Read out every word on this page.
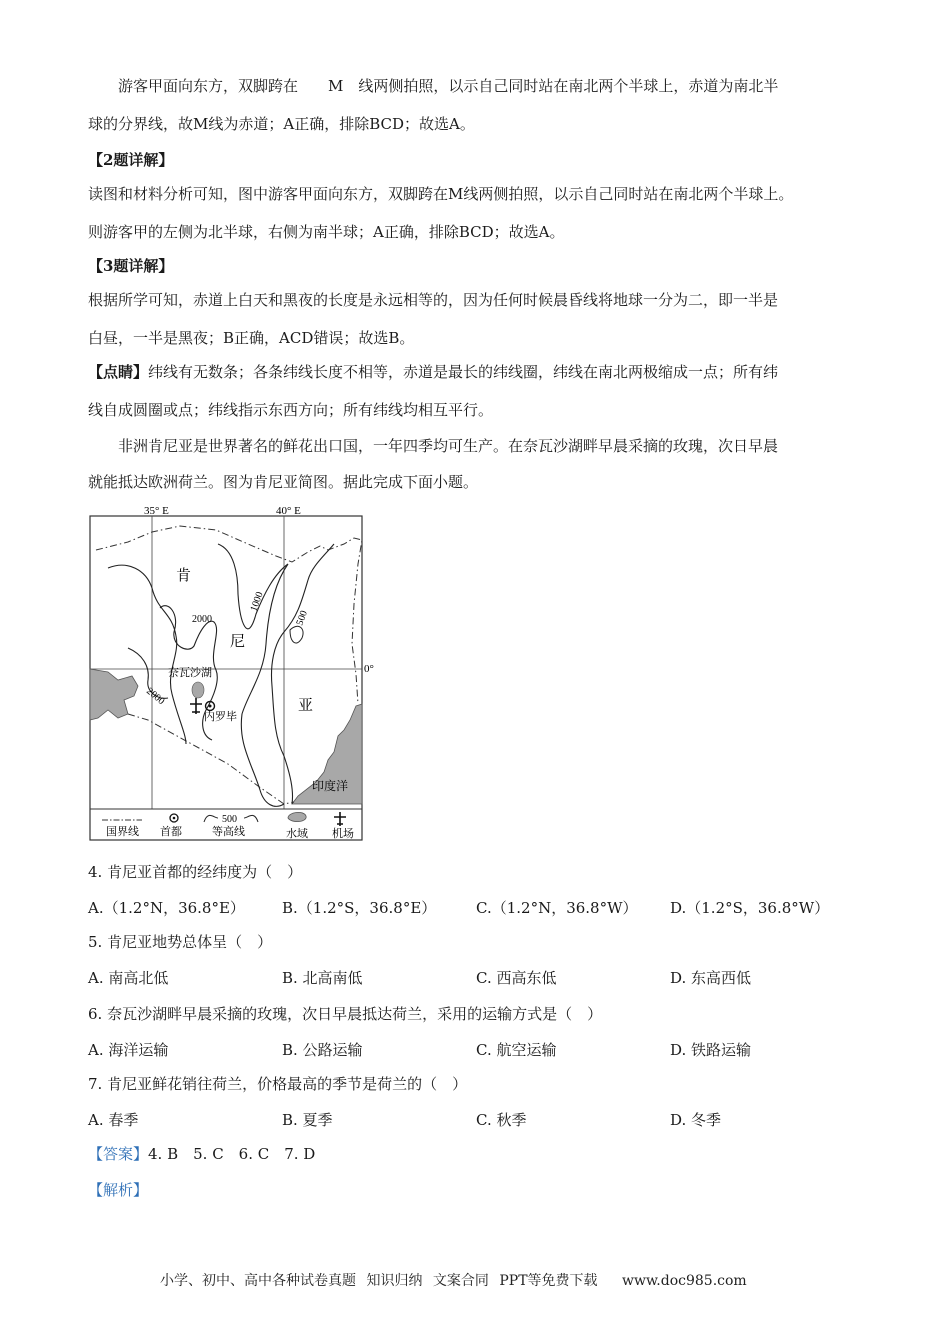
游客甲面向东方，双脚跨在　　M　线两侧拍照，以示自己同时站在南北两个半球上，赤道为南北半
球的分界线，故M线为赤道；A正确，排除BCD；故选A。
【2题详解】
读图和材料分析可知，图中游客甲面向东方，双脚跨在M线两侧拍照，以示自己同时站在南北两个半球上。
则游客甲的左侧为北半球，右侧为南半球；A正确，排除BCD；故选A。
【3题详解】
根据所学可知，赤道上白天和黑夜的长度是永远相等的，因为任何时候晨昏线将地球一分为二，即一半是
白昼，一半是黑夜；B正确，ACD错误；故选B。
【点睛】纬线有无数条；各条纬线长度不相等，赤道是最长的纬线圈，纬线在南北两极缩成一点；所有纬
线自成圆圈或点；纬线指示东西方向；所有纬线均相互平行。
非洲肯尼亚是世界著名的鲜花出口国，一年四季均可生产。在奈瓦沙湖畔早晨采摘的玫瑰，次日早晨
就能抵达欧洲荷兰。图为肯尼亚简图。据此完成下面小题。
35° E	40° E
0°
2000
1000
500
2000
肯
尼
亚
奈瓦沙湖
内罗毕
印度洋
国界线 首都
500
等高线	水域 机场
4. 肯尼亚首都的经纬度为（　）
A.（1.2°N，36.8°E） B.（1.2°S，36.8°E）	C.（1.2°N，36.8°W） D.（1.2°S，36.8°W）
5. 肯尼亚地势总体呈（　）
A. 南高北低	B. 北高南低	C. 西高东低	D. 东高西低
6. 奈瓦沙湖畔早晨采摘的玫瑰，次日早晨抵达荷兰，采用的运输方式是（　）
A. 海洋运输	B. 公路运输	C. 航空运输	D. 铁路运输
7. 肯尼亚鲜花销往荷兰，价格最高的季节是荷兰的（　）
A. 春季	B. 夏季	C. 秋季	D. 冬季
【答案】4. B　5. C　6. C　7. D
【解析】
小学、初中、高中各种试卷真题 知识归纳 文案合同 PPT等免费下载 www.doc985.com
